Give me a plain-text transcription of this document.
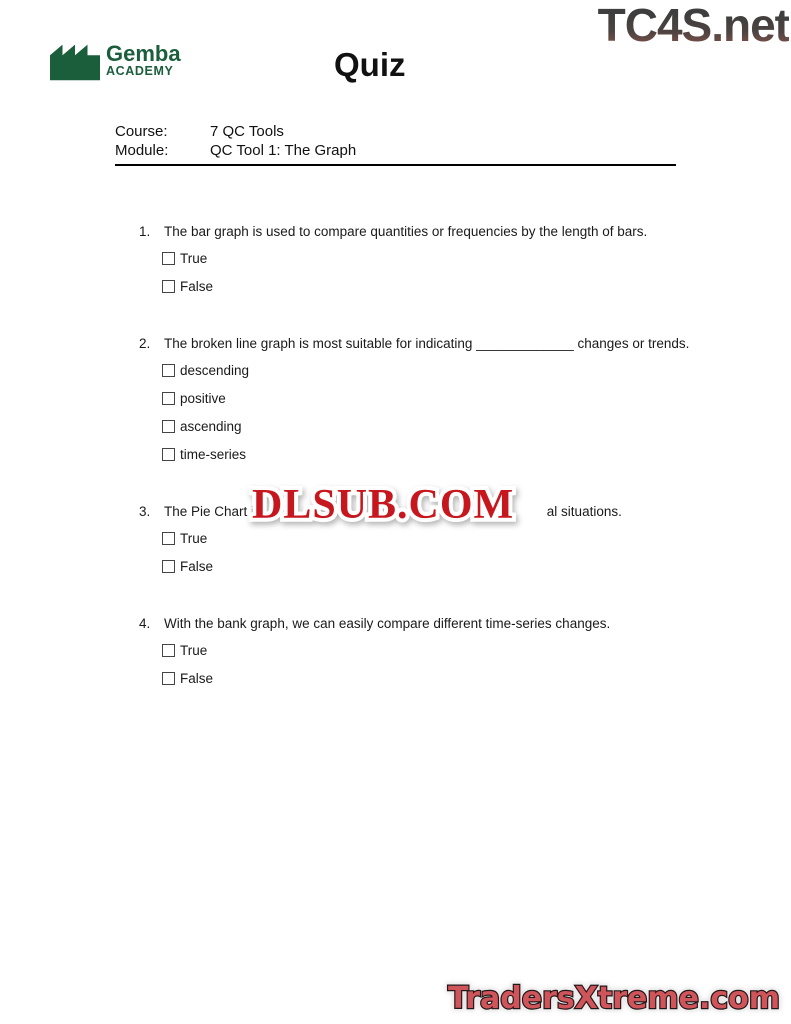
TC4S.net
Gemba
ACADEMY	Quiz
Course:	7 QC Tools
Module:	QC Tool 1: The Graph
1.	The bar graph is used to compare quantities or frequencies by the length of bars.
True
False
2.	The broken line graph is most suitable for indicating _____________ changes or trends.
descending
positive
ascending
time-series
3.	The Pie Chart is	al situations.
True
False
4.	With the bank graph, we can easily compare different time-series changes.
True
False
DLSUB.COM
TradersXtreme.com
